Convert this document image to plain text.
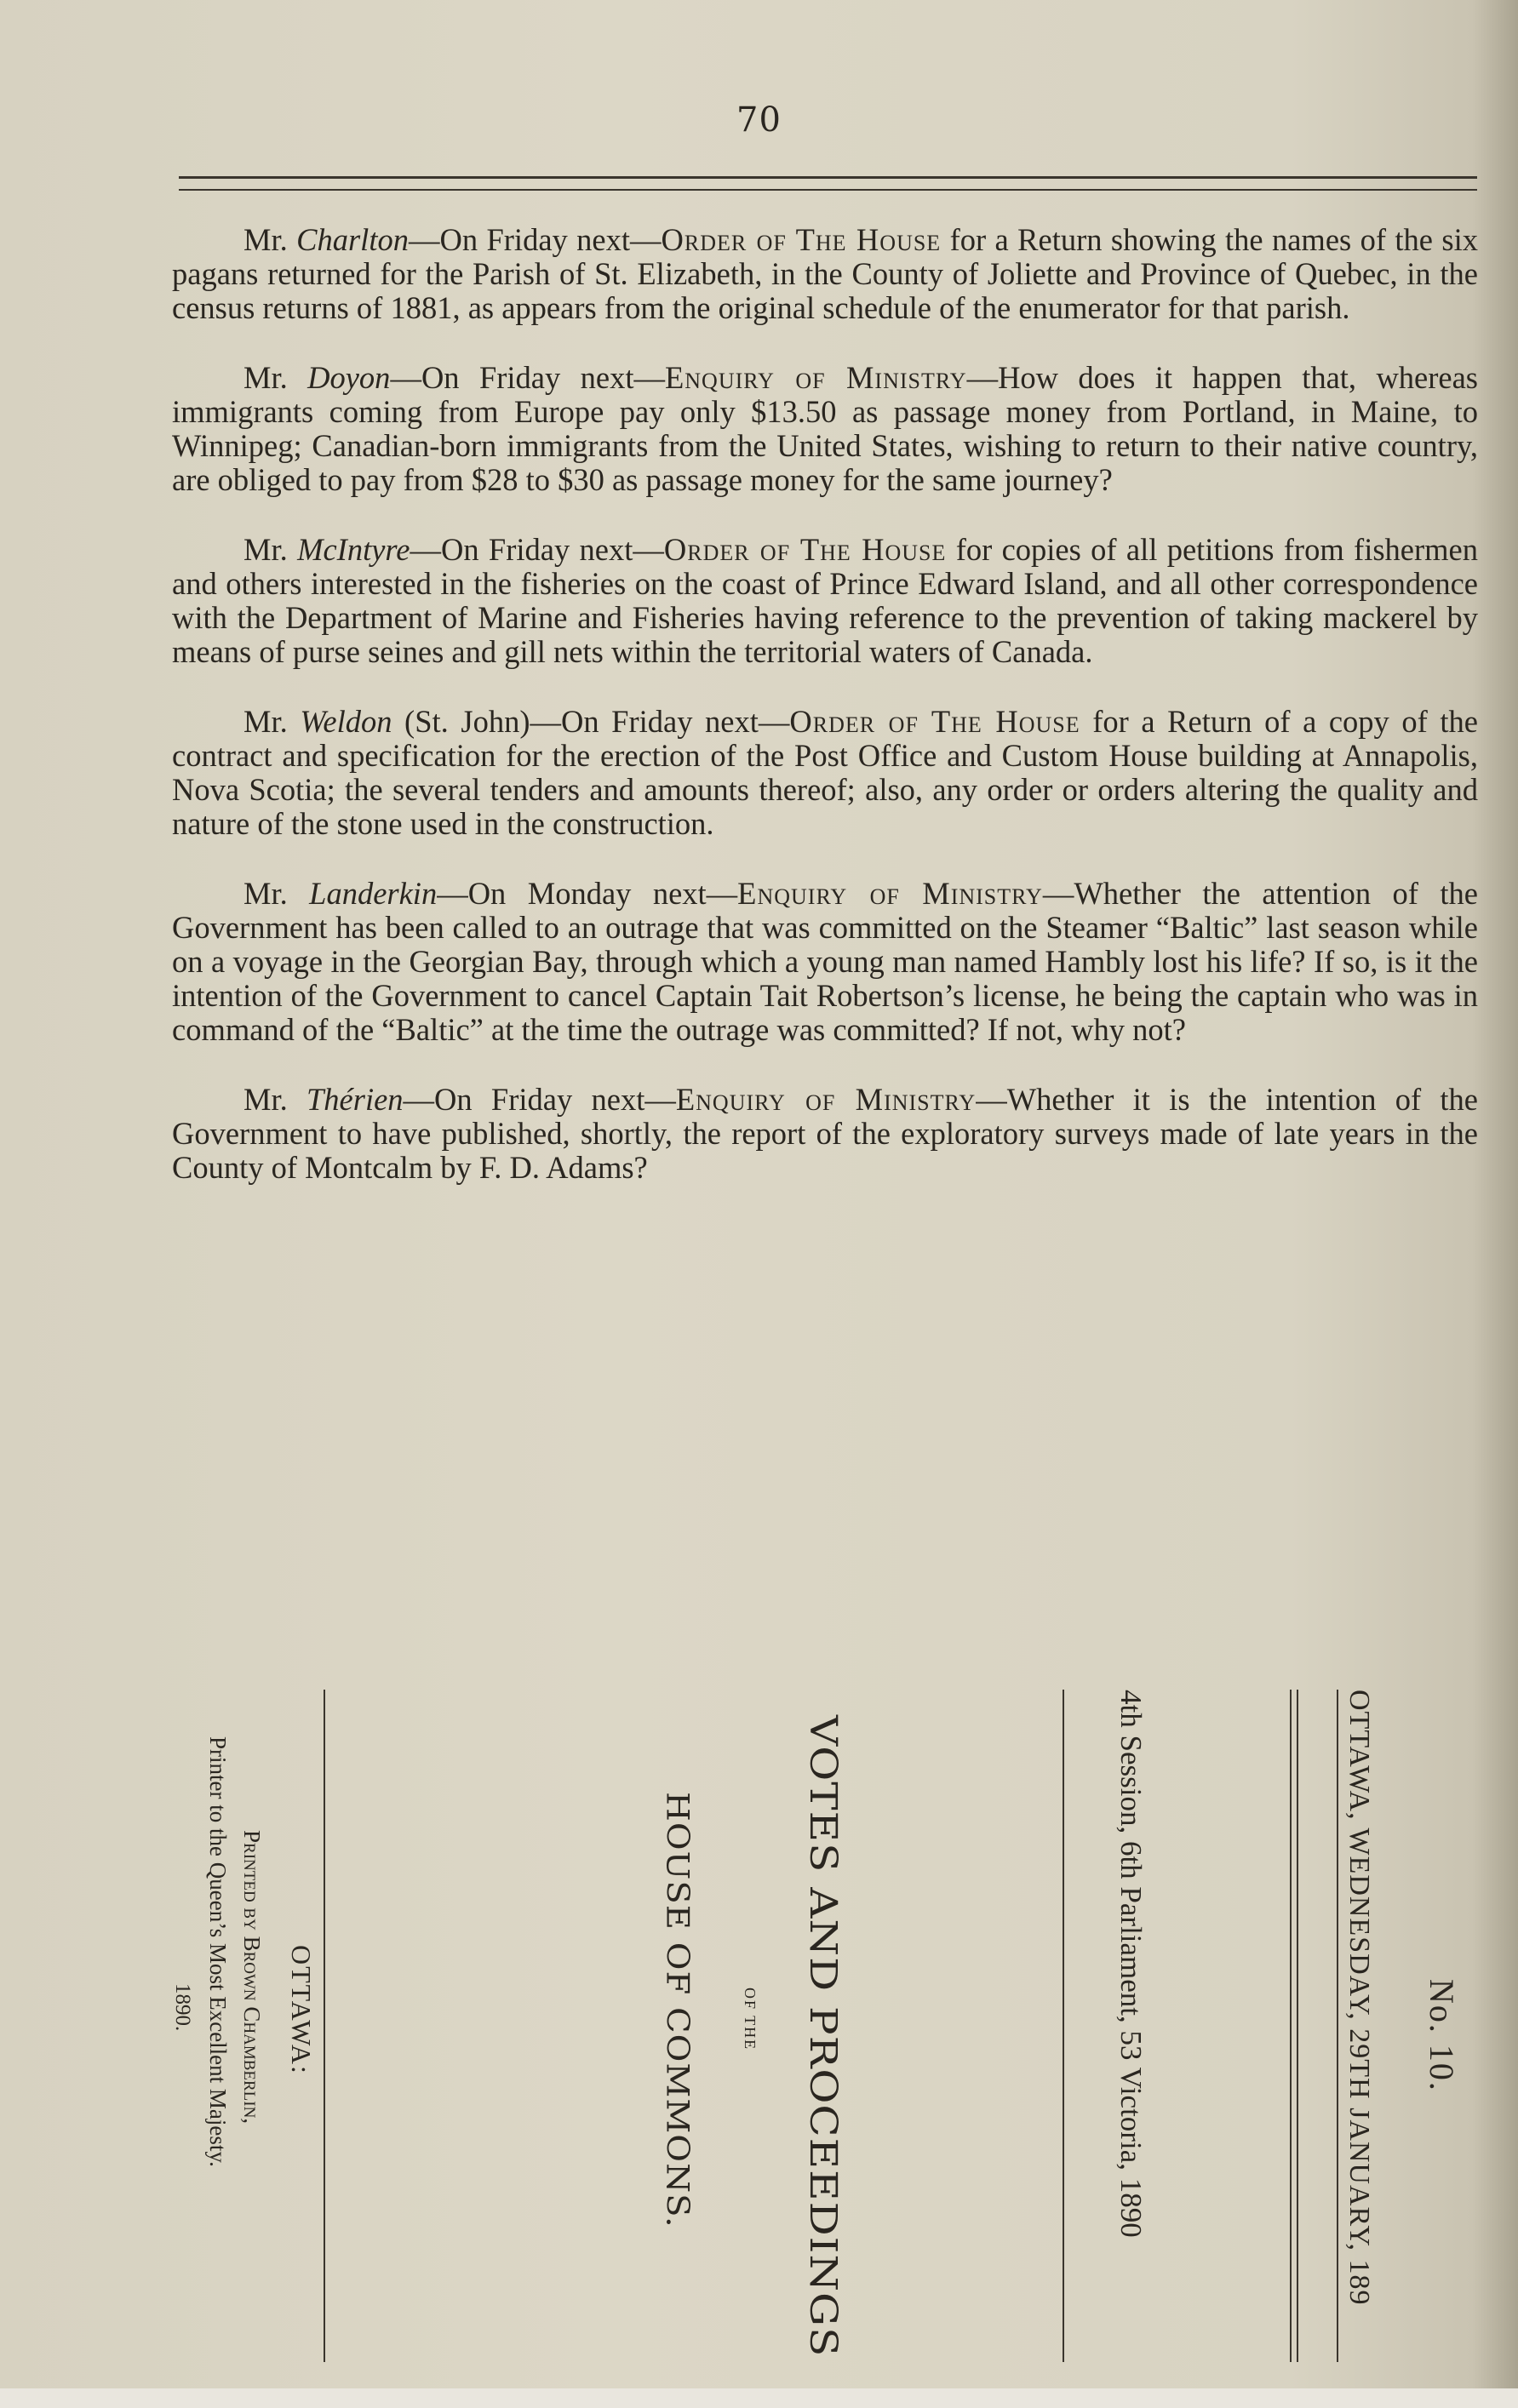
70

Mr. Charlton—On Friday next—Order of The House for a Return showing the names of the six pagans returned for the Parish of St. Elizabeth, in the County of Joliette and Province of Quebec, in the census returns of 1881, as appears from the original schedule of the enumerator for that parish.

Mr. Doyon—On Friday next—Enquiry of Ministry—How does it happen that, whereas immigrants coming from Europe pay only $13.50 as passage money from Portland, in Maine, to Winnipeg; Canadian-born immigrants from the United States, wishing to return to their native country, are obliged to pay from $28 to $30 as passage money for the same journey?

Mr. McIntyre—On Friday next—Order of The House for copies of all petitions from fishermen and others interested in the fisheries on the coast of Prince Edward Island, and all other correspondence with the Department of Marine and Fisheries having reference to the prevention of taking mackerel by means of purse seines and gill nets within the territorial waters of Canada.

Mr. Weldon (St. John)—On Friday next—Order of The House for a Return of a copy of the contract and specification for the erection of the Post Office and Custom House building at Annapolis, Nova Scotia; the several tenders and amounts thereof; also, any order or orders altering the quality and nature of the stone used in the construction.

Mr. Landerkin—On Monday next—Enquiry of Ministry—Whether the attention of the Government has been called to an outrage that was committed on the Steamer “Baltic” last season while on a voyage in the Georgian Bay, through which a young man named Hambly lost his life? If so, is it the intention of the Government to cancel Captain Tait Robertson’s license, he being the captain who was in command of the “Baltic” at the time the outrage was committed? If not, why not?

Mr. Thérien—On Friday next—Enquiry of Ministry—Whether it is the intention of the Government to have published, shortly, the report of the exploratory surveys made of late years in the County of Montcalm by F. D. Adams?

No. 10.
OTTAWA, WEDNESDAY, 29TH JANUARY, 189
4th Session, 6th Parliament, 53 Victoria, 1890
VOTES AND PROCEEDINGS
OF THE
HOUSE OF COMMONS.
OTTAWA:
Printed by Brown Chamberlin,
Printer to the Queen’s Most Excellent Majesty.
1890.
